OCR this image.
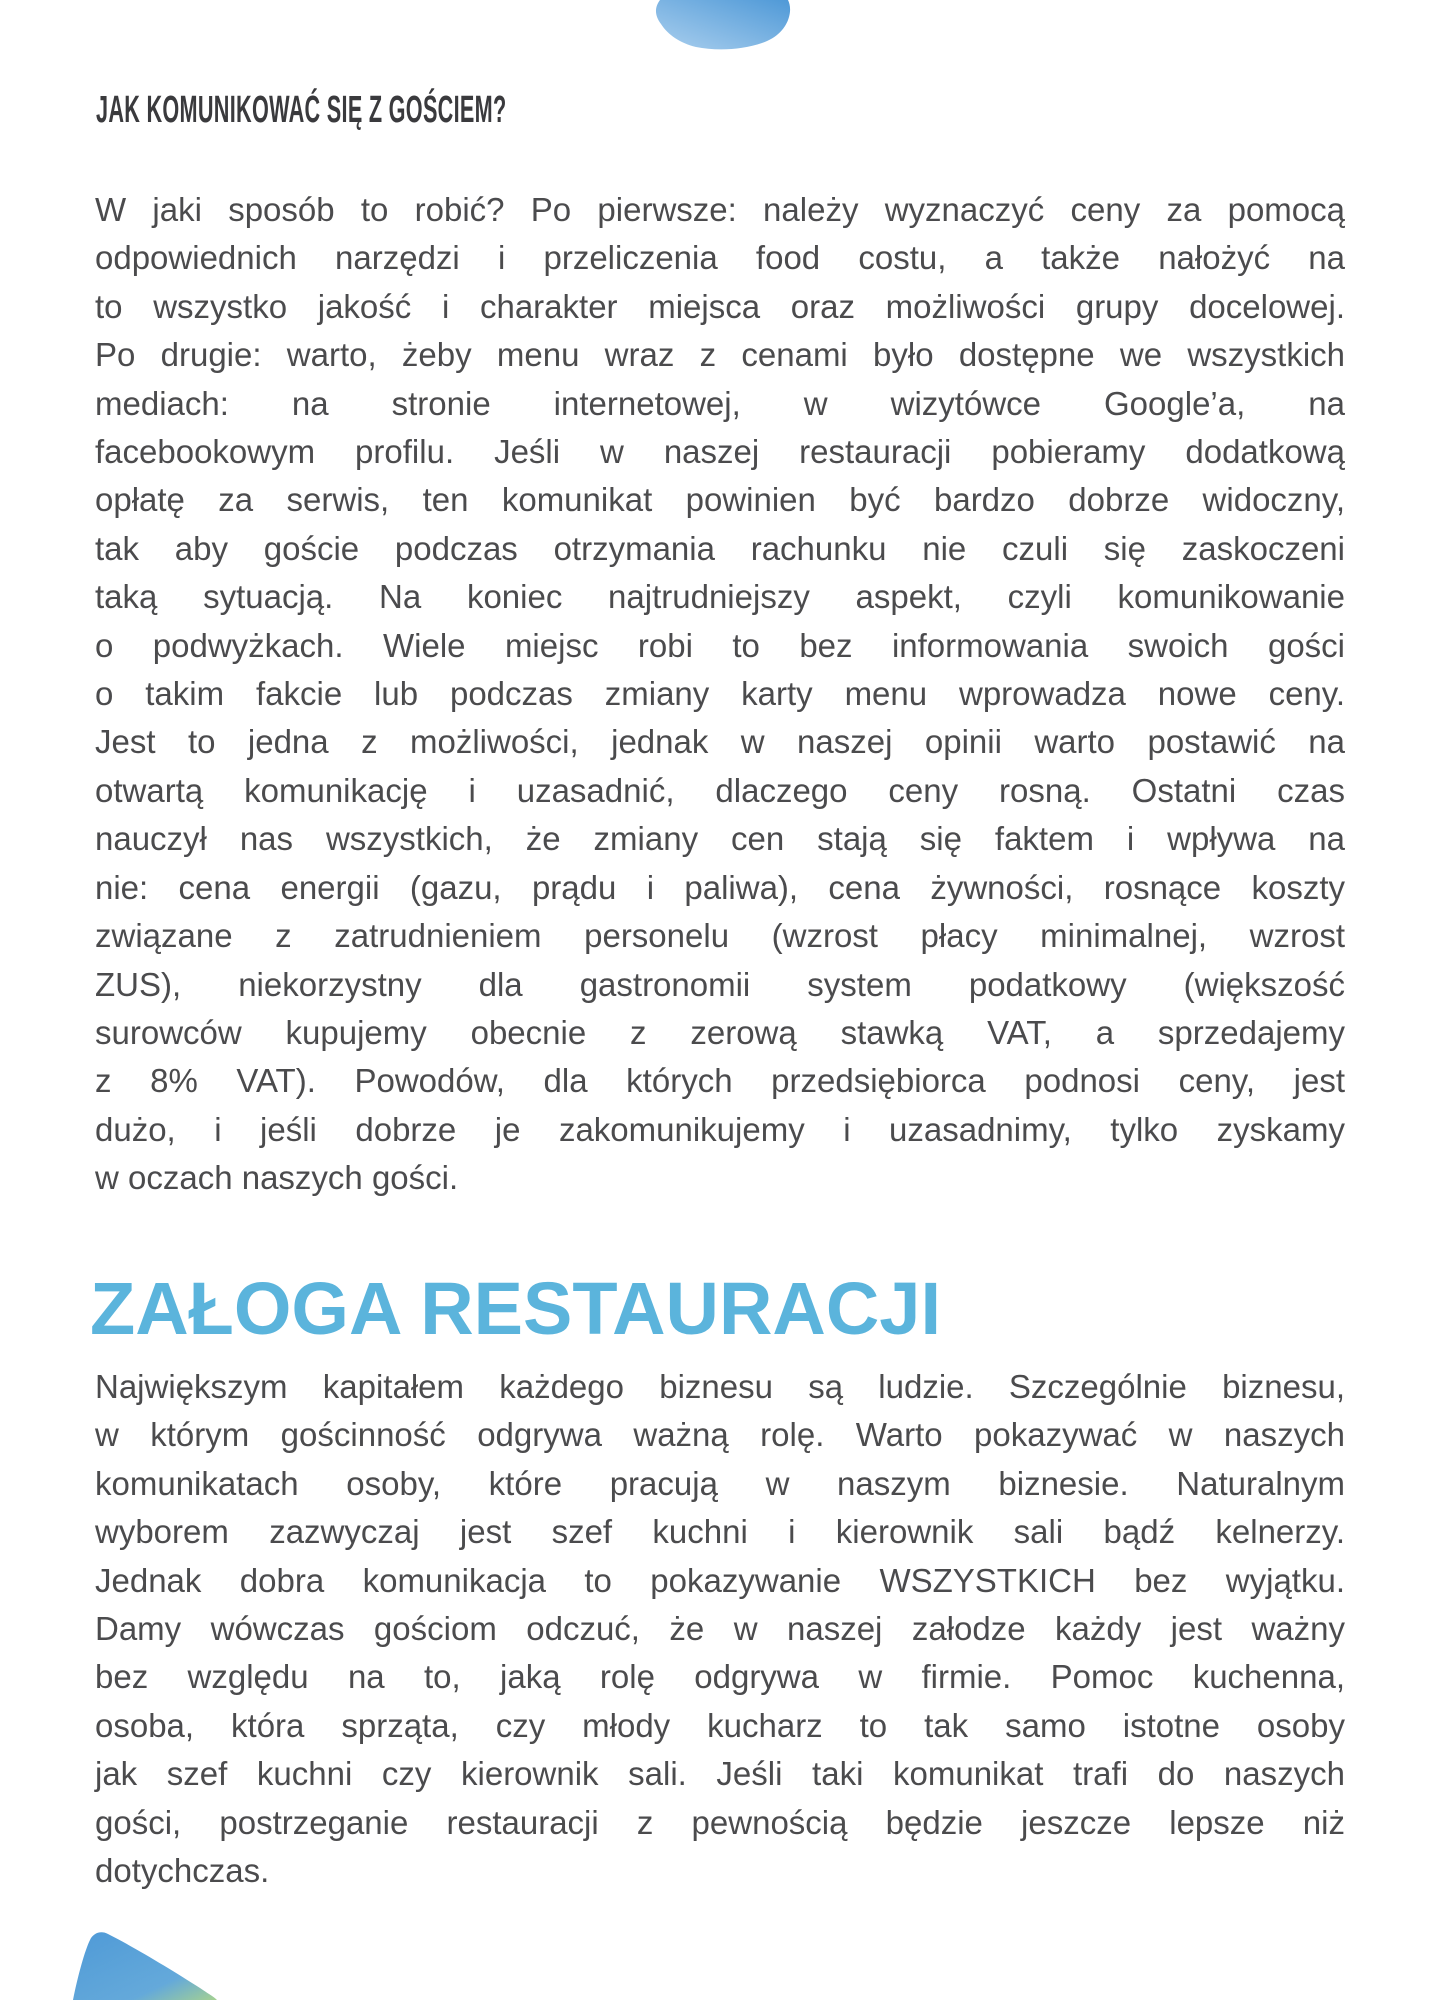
JAK KOMUNIKOWAĆ SIĘ Z GOŚCIEM?
W jaki sposób to robić? Po pierwsze: należy wyznaczyć ceny za pomocą
odpowiednich narzędzi i przeliczenia food costu, a także nałożyć na
to wszystko jakość i charakter miejsca oraz możliwości grupy docelowej.
Po drugie: warto, żeby menu wraz z cenami było dostępne we wszystkich
mediach: na stronie internetowej, w wizytówce Google’a, na
facebookowym profilu. Jeśli w naszej restauracji pobieramy dodatkową
opłatę za serwis, ten komunikat powinien być bardzo dobrze widoczny,
tak aby goście podczas otrzymania rachunku nie czuli się zaskoczeni
taką sytuacją. Na koniec najtrudniejszy aspekt, czyli komunikowanie
o podwyżkach. Wiele miejsc robi to bez informowania swoich gości
o takim fakcie lub podczas zmiany karty menu wprowadza nowe ceny.
Jest to jedna z możliwości, jednak w naszej opinii warto postawić na
otwartą komunikację i uzasadnić, dlaczego ceny rosną. Ostatni czas
nauczył nas wszystkich, że zmiany cen stają się faktem i wpływa na
nie: cena energii (gazu, prądu i paliwa), cena żywności, rosnące koszty
związane z zatrudnieniem personelu (wzrost płacy minimalnej, wzrost
ZUS), niekorzystny dla gastronomii system podatkowy (większość
surowców kupujemy obecnie z zerową stawką VAT, a sprzedajemy
z 8% VAT). Powodów, dla których przedsiębiorca podnosi ceny, jest
dużo, i jeśli dobrze je zakomunikujemy i uzasadnimy, tylko zyskamy
w oczach naszych gości.
ZAŁOGA RESTAURACJI
Największym kapitałem każdego biznesu są ludzie. Szczególnie biznesu,
w którym gościnność odgrywa ważną rolę. Warto pokazywać w naszych
komunikatach osoby, które pracują w naszym biznesie. Naturalnym
wyborem zazwyczaj jest szef kuchni i kierownik sali bądź kelnerzy.
Jednak dobra komunikacja to pokazywanie WSZYSTKICH bez wyjątku.
Damy wówczas gościom odczuć, że w naszej załodze każdy jest ważny
bez względu na to, jaką rolę odgrywa w firmie. Pomoc kuchenna,
osoba, która sprząta, czy młody kucharz to tak samo istotne osoby
jak szef kuchni czy kierownik sali. Jeśli taki komunikat trafi do naszych
gości, postrzeganie restauracji z pewnością będzie jeszcze lepsze niż
dotychczas.
